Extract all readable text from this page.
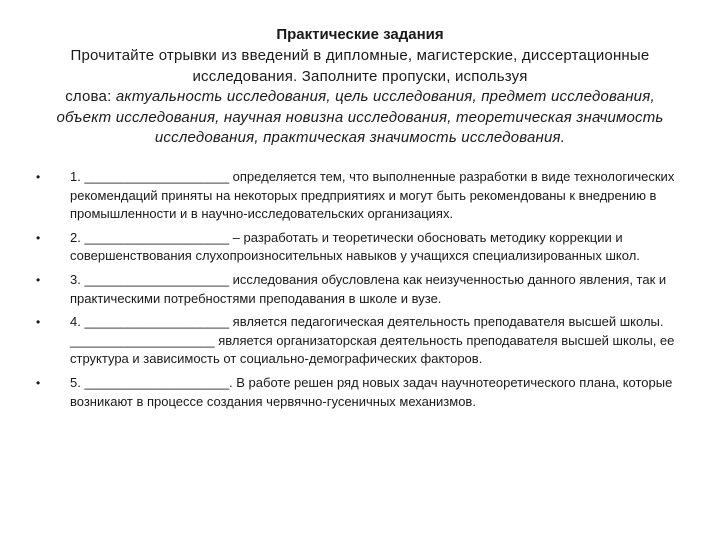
Практические задания
Прочитайте отрывки из введений в дипломные, магистерские, диссертационные
исследования. Заполните пропуски, используя
слова: актуальность исследования, цель исследования, предмет исследования, объект исследования, научная новизна исследования, теоретическая значимость исследования, практическая значимость исследования.
• 1. ____________________ определяется тем, что выполненные разработки в виде технологических рекомендаций приняты на некоторых предприятиях и могут быть рекомендованы к внедрению в промышленности и в научно-исследовательских организациях.
• 2. ____________________ – разработать и теоретически обосновать методику коррекции и совершенствования слухопроизносительных навыков у учащихся специализированных школ.
• 3. ____________________ исследования обусловлена как неизученностью данного явления, так и практическими потребностями преподавания в школе и вузе.
• 4. ____________________ является педагогическая деятельность преподавателя высшей школы. ____________________ является организаторская деятельность преподавателя высшей школы, ее структура и зависимость от социально-демографических факторов.
• 5. ____________________. В работе решен ряд новых задач научнотеоретического плана, которые возникают в процессе создания червячно-гусеничных механизмов.
